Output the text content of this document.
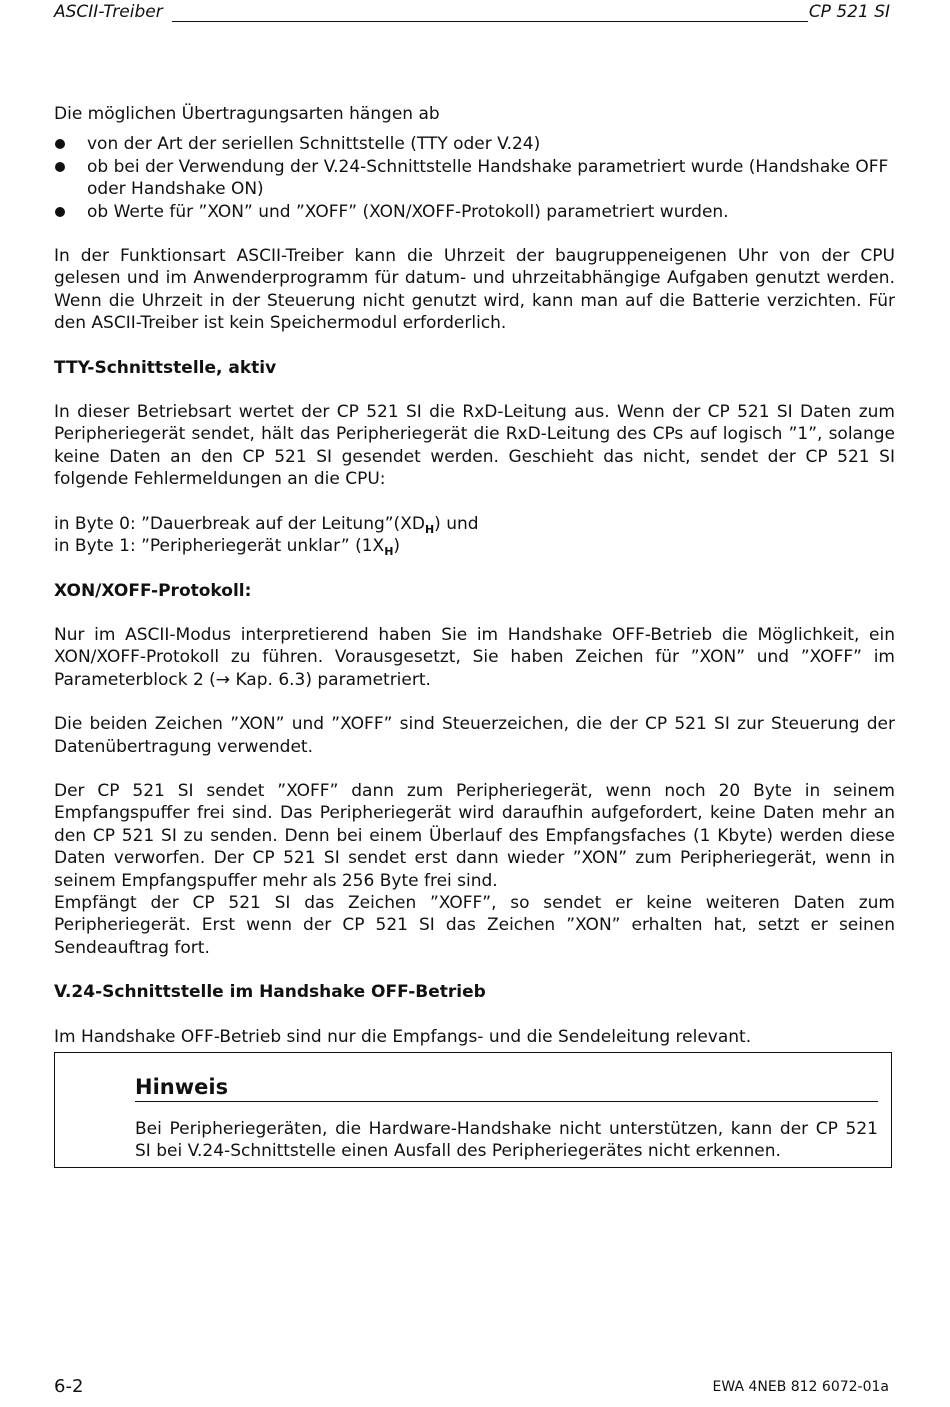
ASCII-Treiber	CP 521 SI

Die möglichen Übertragungsarten hängen ab

von der Art der seriellen Schnittstelle (TTY oder V.24)
ob bei der Verwendung der V.24-Schnittstelle Handshake parametriert wurde (Handshake OFF oder Handshake ON)
ob Werte für ”XON” und ”XOFF” (XON/XOFF-Protokoll) parametriert wurden.

In der Funktionsart ASCII-Treiber kann die Uhrzeit der baugruppeneigenen Uhr von der CPU gelesen und im Anwenderprogramm für datum- und uhrzeitabhängige Aufgaben genutzt werden. Wenn die Uhrzeit in der Steuerung nicht genutzt wird, kann man auf die Batterie verzichten. Für den ASCII-Treiber ist kein Speichermodul erforderlich.

TTY-Schnittstelle, aktiv

In dieser Betriebsart wertet der CP 521 SI die RxD-Leitung aus. Wenn der CP 521 SI Daten zum Peripheriegerät sendet, hält das Peripheriegerät die RxD-Leitung des CPs auf logisch ”1”, solange keine Daten an den CP 521 SI gesendet werden. Geschieht das nicht, sendet der CP 521 SI folgende Fehlermeldungen an die CPU:

in Byte 0: ”Dauerbreak auf der $Leitung”(XD_H)$ und

in Byte 1: ”Peripheriegerät unklar” $(1X_H)$

XON/XOFF-Protokoll:

Nur im ASCII-Modus interpretierend haben Sie im Handshake OFF-Betrieb die Möglichkeit, ein XON/XOFF-Protokoll zu führen. Vorausgesetzt, Sie haben Zeichen für ”XON” und ”XOFF” im Parameterblock 2 (→ Kap. 6.3) parametriert.

Die beiden Zeichen ”XON” und ”XOFF” sind Steuerzeichen, die der CP 521 SI zur Steuerung der Datenübertragung verwendet.

Der CP 521 SI sendet ”XOFF” dann zum Peripheriegerät, wenn noch 20 Byte in seinem Empfangspuffer frei sind. Das Peripheriegerät wird daraufhin aufgefordert, keine Daten mehr an den CP 521 SI zu senden. Denn bei einem Überlauf des Empfangsfaches (1 Kbyte) werden diese Daten verworfen. Der CP 521 SI sendet erst dann wieder ”XON” zum Peripheriegerät, wenn in seinem Empfangspuffer mehr als 256 Byte frei sind.

Empfängt der CP 521 SI das Zeichen ”XOFF”, so sendet er keine weiteren Daten zum Peripheriegerät. Erst wenn der CP 521 SI das Zeichen ”XON” erhalten hat, setzt er seinen Sendeauftrag fort.

V.24-Schnittstelle im Handshake OFF-Betrieb

Im Handshake OFF-Betrieb sind nur die Empfangs- und die Sendeleitung relevant.

Hinweis
Bei Peripheriegeräten, die Hardware-Handshake nicht unterstützen, kann der CP 521 SI bei V.24-Schnittstelle einen Ausfall des Peripheriegerätes nicht erkennen.
6-2	EWA 4NEB 812 6072-01a
